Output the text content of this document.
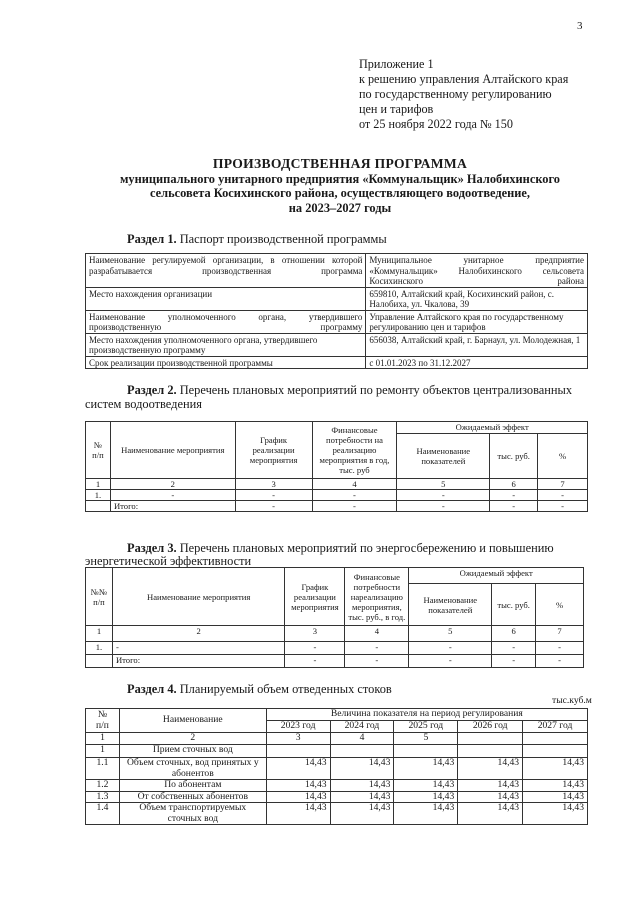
3
Приложение 1
к решению управления Алтайского края
по государственному регулированию
цен и тарифов
от 25 ноября 2022 года № 150
ПРОИЗВОДСТВЕННАЯ ПРОГРАММА
муниципального унитарного предприятия «Коммунальщик» Налобихинского
сельсовета Косихинского района, осуществляющего водоотведение,
на 2023–2027 годы
Раздел 1. Паспорт производственной программы
Наименование регулируемой организации, в отношении которой разрабатывается производственная программа	Муниципальное унитарное предприятие «Коммунальщик» Налобихинского сельсовета Косихинского района
Место нахождения организации	659810, Алтайский край, Косихинский район, с. Налобиха, ул. Чкалова, 39
Наименование уполномоченного органа, утвердившего производственную программу	Управление Алтайского края по государственному регулированию цен и тарифов
Место нахождения уполномоченного органа, утвердившего производственную программу	656038, Алтайский край, г. Барнаул, ул. Молодежная, 1
Срок реализации производственной программы	с 01.01.2023 по 31.12.2027
Раздел 2. Перечень плановых мероприятий по ремонту объектов централизованных
систем водоотведения
№
п/п	Наименование мероприятия	График
реализации
мероприятия	Финансовые
потребности на
реализацию
мероприятия в год,
тыс. руб	Ожидаемый эффект		
				Наименование
показателей	тыс. руб.	%
1	2	3	4	5	6	7
1.	-	-	-	-	-	-
	Итого:	-	-	-	-	-
Раздел 3. Перечень плановых мероприятий по энергосбережению и повышению
энергетической эффективности
№№
п/п	Наименование мероприятия	График
реализации
мероприятия	Финансовые
потребности
нареализацию
мероприятия,
тыс. руб., в год.	Ожидаемый эффект		
				Наименование
показателей	тыс. руб.	%
1	2	3	4	5	6	7
1.	-	-	-	-	-	-
	Итого:	-	-	-	-	-
Раздел 4. Планируемый объем отведенных стоков
тыс.куб.м
№
п/п	Наименование	Величина показателя на период регулирования				
		2023 год	2024 год	2025 год	2026 год	2027 год
1	2	3	4	5		
1	Прием сточных вод					
1.1	Объем сточных, вод принятых у абонентов	14,43	14,43	14,43	14,43	14,43
1.2	По абонентам	14,43	14,43	14,43	14,43	14,43
1.3	От собственных абонентов	14,43	14,43	14,43	14,43	14,43
1.4	Объем транспортируемых сточных вод	14,43	14,43	14,43	14,43	14,43
